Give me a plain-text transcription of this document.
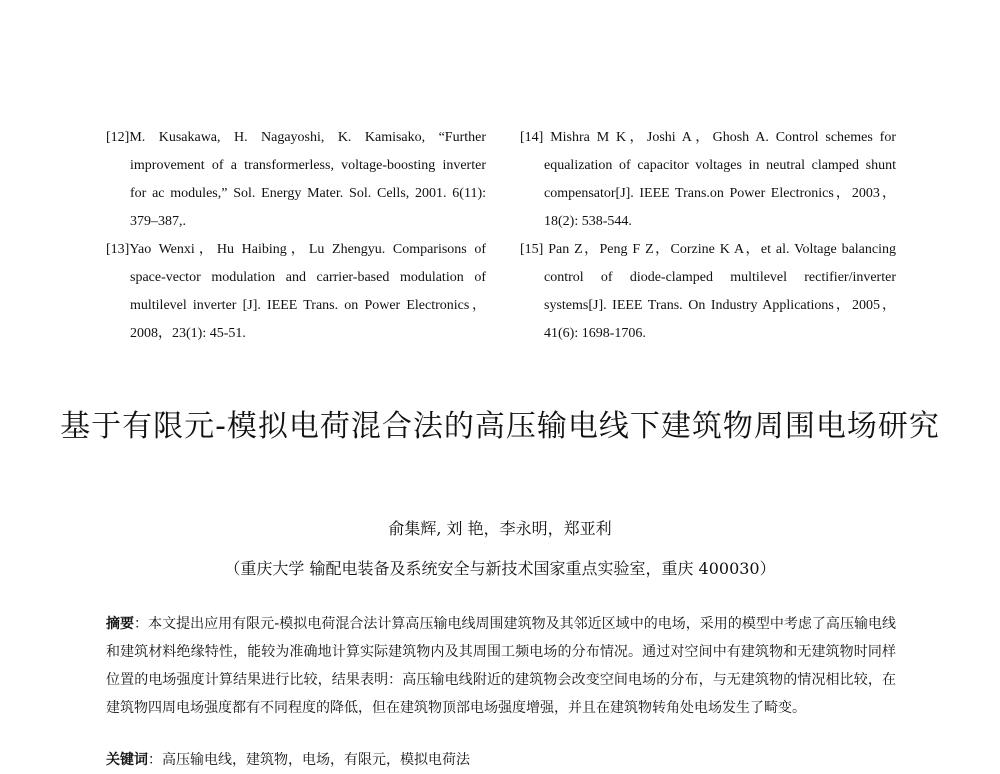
[12]M. Kusakawa, H. Nagayoshi, K. Kamisako, “Further improvement of a transformerless, voltage-boosting inverter for ac modules,” Sol. Energy Mater. Sol. Cells, 2001. 6(11): 379–387,.

[13]Yao Wenxi，Hu Haibing，Lu Zhengyu. Comparisons of space-vector modulation and carrier-based modulation of multilevel inverter [J]. IEEE Trans. on Power Electronics，2008，23(1): 45-51.

[14] Mishra M K，Joshi A，Ghosh A. Control schemes for equalization of capacitor voltages in neutral clamped shunt compensator[J]. IEEE Trans.on Power Electronics，2003，18(2): 538-544.

[15] Pan Z，Peng F Z，Corzine K A，et al. Voltage balancing control of diode-clamped multilevel rectifier/inverter systems[J]. IEEE Trans. On Industry Applications，2005，41(6): 1698-1706.

基于有限元-模拟电荷混合法的高压输电线下建筑物周围电场研究

俞集辉, 刘 艳，李永明，郑亚利

（重庆大学 输配电装备及系统安全与新技术国家重点实验室，重庆 400030）

摘要：本文提出应用有限元-模拟电荷混合法计算高压输电线周围建筑物及其邻近区域中的电场，采用的模型中考虑了高压输电线和建筑材料绝缘特性，能较为准确地计算实际建筑物内及其周围工频电场的分布情况。通过对空间中有建筑物和无建筑物时同样位置的电场强度计算结果进行比较，结果表明：高压输电线附近的建筑物会改变空间电场的分布，与无建筑物的情况相比较，在建筑物四周电场强度都有不同程度的降低，但在建筑物顶部电场强度增强，并且在建筑物转角处电场发生了畸变。

关键词：高压输电线，建筑物，电场，有限元，模拟电荷法
